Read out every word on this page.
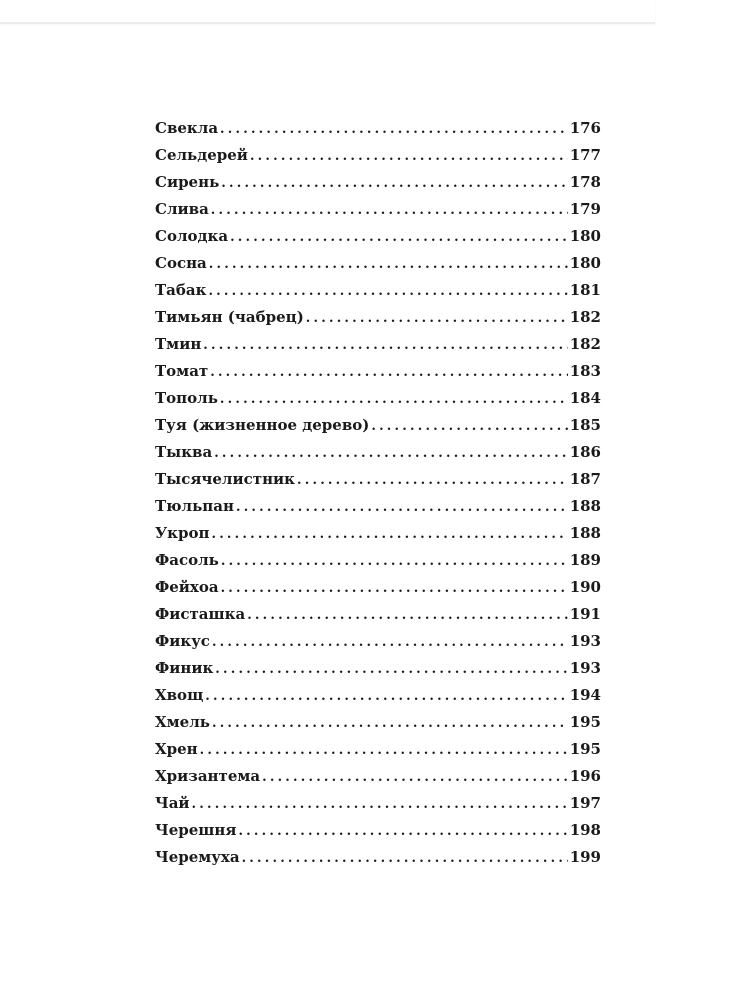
Свекла .....	176
Сельдерей .....	177
Сирень .....	178
Слива .....	179
Солодка .....	180
Сосна .....	180
Табак .....	181
Тимьян (чабрец) .....	182
Тмин .....	182
Томат .....	183
Тополь .....	184
Туя (жизненное дерево) .....	185
Тыква .....	186
Тысячелистник .....	187
Тюльпан .....	188
Укроп .....	188
Фасоль .....	189
Фейхоа .....	190
Фисташка .....	191
Фикус .....	193
Финик .....	193
Хвощ .....	194
Хмель .....	195
Хрен .....	195
Хризантема .....	196
Чай .....	197
Черешня .....	198
Черемуха .....	199
